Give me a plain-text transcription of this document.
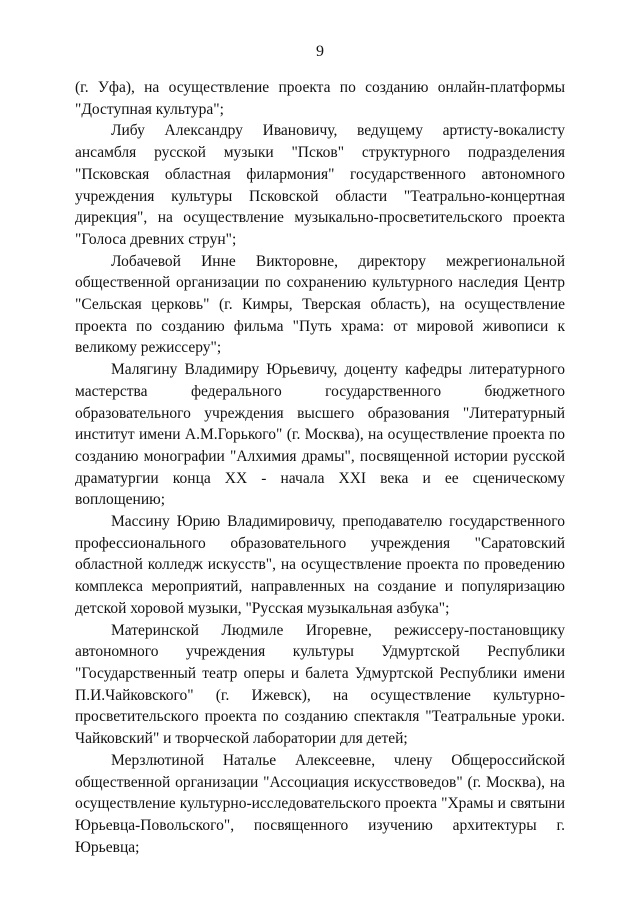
9

(г. Уфа), на осуществление проекта по созданию онлайн-платформы "Доступная культура";

Либу Александру Ивановичу, ведущему артисту-вокалисту ансамбля русской музыки "Псков" структурного подразделения "Псковская областная филармония" государственного автономного учреждения культуры Псковской области "Театрально-концертная дирекция", на осуществление музыкально-просветительского проекта "Голоса древних струн";

Лобачевой Инне Викторовне, директору межрегиональной общественной организации по сохранению культурного наследия Центр "Сельская церковь" (г. Кимры, Тверская область), на осуществление проекта по созданию фильма "Путь храма: от мировой живописи к великому режиссеру";

Малягину Владимиру Юрьевичу, доценту кафедры литературного мастерства федерального государственного бюджетного образовательного учреждения высшего образования "Литературный институт имени А.М.Горького" (г. Москва), на осуществление проекта по созданию монографии "Алхимия драмы", посвященной истории русской драматургии конца XX - начала XXI века и ее сценическому воплощению;

Массину Юрию Владимировичу, преподавателю государственного профессионального образовательного учреждения "Саратовский областной колледж искусств", на осуществление проекта по проведению комплекса мероприятий, направленных на создание и популяризацию детской хоровой музыки, "Русская музыкальная азбука";

Материнской Людмиле Игоревне, режиссеру-постановщику автономного учреждения культуры Удмуртской Республики "Государственный театр оперы и балета Удмуртской Республики имени П.И.Чайковского" (г. Ижевск), на осуществление культурно-просветительского проекта по созданию спектакля "Театральные уроки. Чайковский" и творческой лаборатории для детей;

Мерзлютиной Наталье Алексеевне, члену Общероссийской общественной организации "Ассоциация искусствоведов" (г. Москва), на осуществление культурно-исследовательского проекта "Храмы и святыни Юрьевца-Повольского", посвященного изучению архитектуры г. Юрьевца;
